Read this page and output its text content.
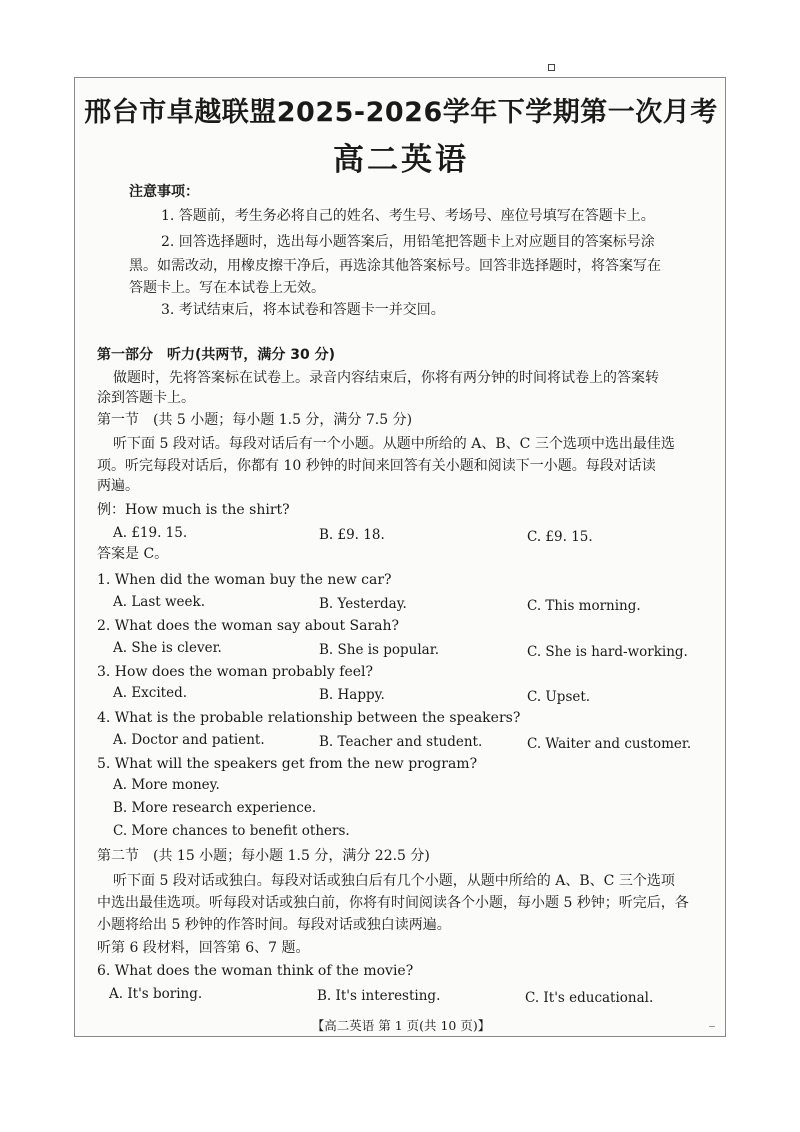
邢台市卓越联盟2025-2026学年下学期第一次月考
高二英语
注意事项：
1. 答题前，考生务必将自己的姓名、考生号、考场号、座位号填写在答题卡上。
2. 回答选择题时，选出每小题答案后，用铅笔把答题卡上对应题目的答案标号涂
黑。如需改动，用橡皮擦干净后，再选涂其他答案标号。回答非选择题时，将答案写在
答题卡上。写在本试卷上无效。
3. 考试结束后，将本试卷和答题卡一并交回。
第一部分　听力(共两节，满分 30 分)
做题时，先将答案标在试卷上。录音内容结束后，你将有两分钟的时间将试卷上的答案转
涂到答题卡上。
第一节　(共 5 小题；每小题 1.5 分，满分 7.5 分)
听下面 5 段对话。每段对话后有一个小题。从题中所给的 A、B、C 三个选项中选出最佳选
项。听完每段对话后，你都有 10 秒钟的时间来回答有关小题和阅读下一小题。每段对话读
两遍。
例：How much is the shirt?
A. £19. 15.	B. £9. 18.	C. £9. 15.
答案是 C。
1. When did the woman buy the new car?
A. Last week.	B. Yesterday.	C. This morning.
2. What does the woman say about Sarah?
A. She is clever.	B. She is popular.	C. She is hard-working.
3. How does the woman probably feel?
A. Excited.	B. Happy.	C. Upset.
4. What is the probable relationship between the speakers?
A. Doctor and patient.	B. Teacher and student.	C. Waiter and customer.
5. What will the speakers get from the new program?
A. More money.
B. More research experience.
C. More chances to benefit others.
第二节　(共 15 小题；每小题 1.5 分，满分 22.5 分)
听下面 5 段对话或独白。每段对话或独白后有几个小题，从题中所给的 A、B、C 三个选项
中选出最佳选项。听每段对话或独白前，你将有时间阅读各个小题，每小题 5 秒钟；听完后，各
小题将给出 5 秒钟的作答时间。每段对话或独白读两遍。
听第 6 段材料，回答第 6、7 题。
6. What does the woman think of the movie?
A. It's boring.	B. It's interesting.	C. It's educational.
【高二英语 第 1 页(共 10 页)】
